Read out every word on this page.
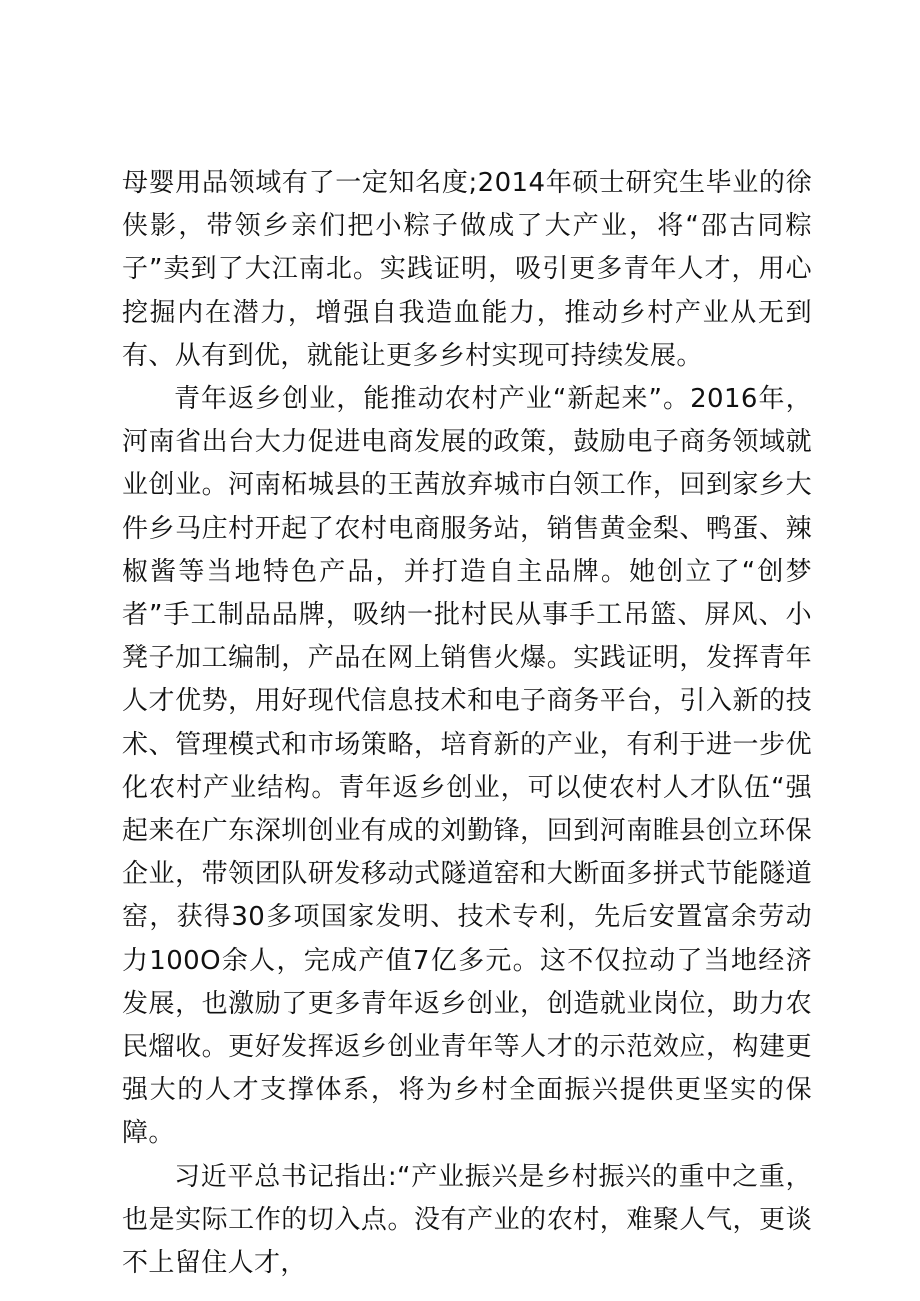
母婴用品领域有了一定知名度;2014年硕士研究生毕业的徐侠影，带领乡亲们把小粽子做成了大产业，将“邵古同粽子”卖到了大江南北。实践证明，吸引更多青年人才，用心挖掘内在潜力，增强自我造血能力，推动乡村产业从无到有、从有到优，就能让更多乡村实现可持续发展。

青年返乡创业，能推动农村产业“新起来”。2016年，河南省出台大力促进电商发展的政策，鼓励电子商务领域就业创业。河南柘城县的王茜放弃城市白领工作，回到家乡大件乡马庄村开起了农村电商服务站，销售黄金梨、鸭蛋、辣椒酱等当地特色产品，并打造自主品牌。她创立了“创梦者”手工制品品牌，吸纳一批村民从事手工吊篮、屏风、小凳子加工编制，产品在网上销售火爆。实践证明，发挥青年人才优势，用好现代信息技术和电子商务平台，引入新的技术、管理模式和市场策略，培育新的产业，有利于进一步优化农村产业结构。青年返乡创业，可以使农村人才队伍“强起来在广东深圳创业有成的刘勤锋，回到河南睢县创立环保企业，带领团队研发移动式隧道窑和大断面多拼式节能隧道窑，获得30多项国家发明、技术专利，先后安置富余劳动力100O余人，完成产值7亿多元。这不仅拉动了当地经济发展，也激励了更多青年返乡创业，创造就业岗位，助力农民熘收。更好发挥返乡创业青年等人才的示范效应，构建更强大的人才支撑体系，将为乡村全面振兴提供更坚实的保障。

习近平总书记指出:“产业振兴是乡村振兴的重中之重，也是实际工作的切入点。没有产业的农村，难聚人气，更谈不上留住人才，
